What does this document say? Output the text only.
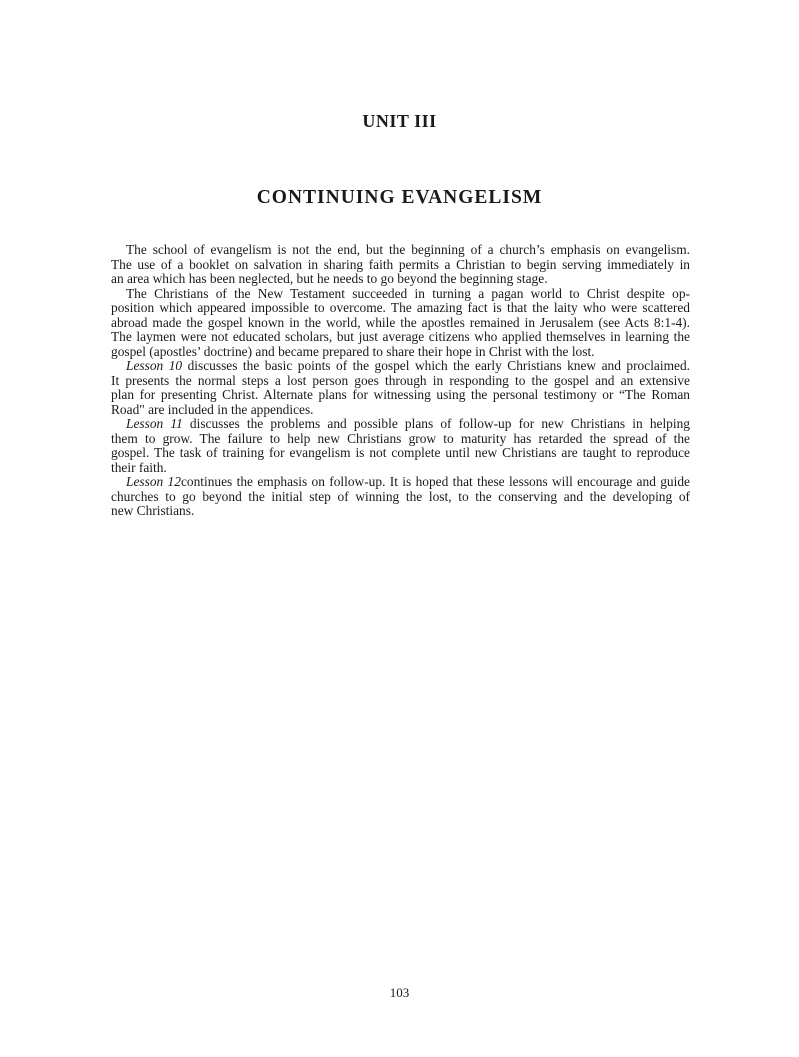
UNIT III
CONTINUING EVANGELISM
The school of evangelism is not the end, but the beginning of a church’s emphasis on evangelism.
The use of a booklet on salvation in sharing faith permits a Christian to begin serving immediately in
an area which has been neglected, but he needs to go beyond the beginning stage.
The Christians of the New Testament succeeded in turning a pagan world to Christ despite op-
position which appeared impossible to overcome. The amazing fact is that the laity who were scattered
abroad made the gospel known in the world, while the apostles remained in Jerusalem (see Acts 8:1-4).
The laymen were not educated scholars, but just average citizens who applied themselves in learning the
gospel (apostles’ doctrine) and became prepared to share their hope in Christ with the lost.
Lesson 10 discusses the basic points of the gospel which the early Christians knew and proclaimed.
It presents the normal steps a lost person goes through in responding to the gospel and an extensive
plan for presenting Christ. Alternate plans for witnessing using the personal testimony or “The Roman
Road" are included in the appendices.
Lesson 11 discusses the problems and possible plans of follow-up for new Christians in helping
them to grow. The failure to help new Christians grow to maturity has retarded the spread of the
gospel. The task of training for evangelism is not complete until new Christians are taught to reproduce
their faith.
Lesson 12continues the emphasis on follow-up. It is hoped that these lessons will encourage and guide
churches to go beyond the initial step of winning the lost, to the conserving and the developing of
new Christians.
103
